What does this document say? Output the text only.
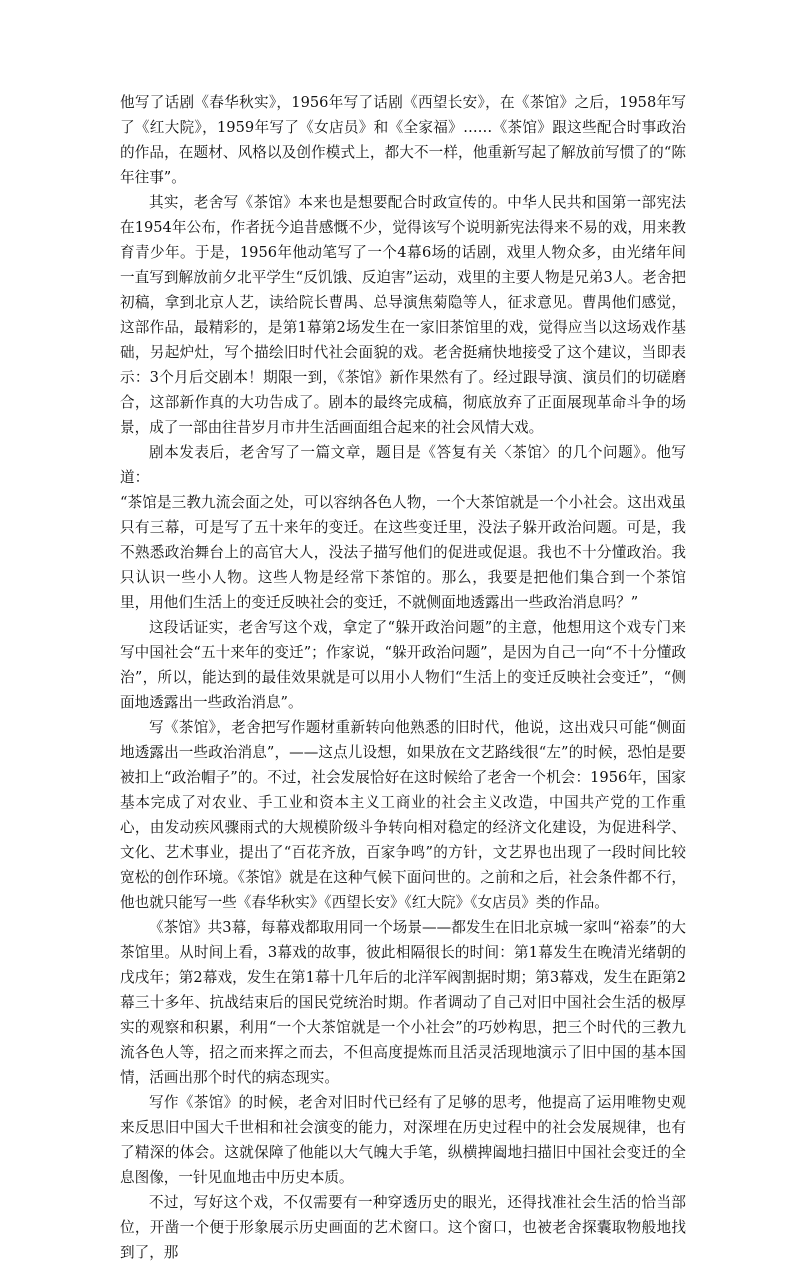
他写了话剧《春华秋实》，1956年写了话剧《西望长安》，在《茶馆》之后，1958年写了《红大院》，1959年写了《女店员》和《全家福》……《茶馆》跟这些配合时事政治的作品，在题材、风格以及创作模式上，都大不一样，他重新写起了解放前写惯了的“陈年往事”。

其实，老舍写《茶馆》本来也是想要配合时政宣传的。中华人民共和国第一部宪法在1954年公布，作者抚今追昔感慨不少，觉得该写个说明新宪法得来不易的戏，用来教育青少年。于是，1956年他动笔写了一个4幕6场的话剧，戏里人物众多，由光绪年间一直写到解放前夕北平学生“反饥饿、反迫害”运动，戏里的主要人物是兄弟3人。老舍把初稿，拿到北京人艺，读给院长曹禺、总导演焦菊隐等人，征求意见。曹禺他们感觉，这部作品，最精彩的，是第1幕第2场发生在一家旧茶馆里的戏，觉得应当以这场戏作基础，另起炉灶，写个描绘旧时代社会面貌的戏。老舍挺痛快地接受了这个建议，当即表示：3个月后交剧本！期限一到，《茶馆》新作果然有了。经过跟导演、演员们的切磋磨合，这部新作真的大功告成了。剧本的最终完成稿，彻底放弃了正面展现革命斗争的场景，成了一部由往昔岁月市井生活画面组合起来的社会风情大戏。

剧本发表后，老舍写了一篇文章，题目是《答复有关〈茶馆〉的几个问题》。他写道：

“茶馆是三教九流会面之处，可以容纳各色人物，一个大茶馆就是一个小社会。这出戏虽只有三幕，可是写了五十来年的变迁。在这些变迁里，没法子躲开政治问题。可是，我不熟悉政治舞台上的高官大人，没法子描写他们的促进或促退。我也不十分懂政治。我只认识一些小人物。这些人物是经常下茶馆的。那么，我要是把他们集合到一个茶馆里，用他们生活上的变迁反映社会的变迁，不就侧面地透露出一些政治消息吗？”

这段话证实，老舍写这个戏，拿定了“躲开政治问题”的主意，他想用这个戏专门来写中国社会“五十来年的变迁”；作家说，“躲开政治问题”，是因为自己一向“不十分懂政治”，所以，能达到的最佳效果就是可以用小人物们“生活上的变迁反映社会变迁”，“侧面地透露出一些政治消息”。

写《茶馆》，老舍把写作题材重新转向他熟悉的旧时代，他说，这出戏只可能“侧面地透露出一些政治消息”，——这点儿设想，如果放在文艺路线很“左”的时候，恐怕是要被扣上“政治帽子”的。不过，社会发展恰好在这时候给了老舍一个机会：1956年，国家基本完成了对农业、手工业和资本主义工商业的社会主义改造，中国共产党的工作重心，由发动疾风骤雨式的大规模阶级斗争转向相对稳定的经济文化建设，为促进科学、文化、艺术事业，提出了“百花齐放，百家争鸣”的方针，文艺界也出现了一段时间比较宽松的创作环境。《茶馆》就是在这种气候下面问世的。之前和之后，社会条件都不行，他也就只能写一些《春华秋实》《西望长安》《红大院》《女店员》类的作品。

《茶馆》共3幕，每幕戏都取用同一个场景——都发生在旧北京城一家叫“裕泰”的大茶馆里。从时间上看，3幕戏的故事，彼此相隔很长的时间：第1幕发生在晚清光绪朝的戊戌年；第2幕戏，发生在第1幕十几年后的北洋军阀割据时期；第3幕戏，发生在距第2幕三十多年、抗战结束后的国民党统治时期。作者调动了自己对旧中国社会生活的极厚实的观察和积累，利用“一个大茶馆就是一个小社会”的巧妙构思，把三个时代的三教九流各色人等，招之而来挥之而去，不但高度提炼而且活灵活现地演示了旧中国的基本国情，活画出那个时代的病态现实。

写作《茶馆》的时候，老舍对旧时代已经有了足够的思考，他提高了运用唯物史观来反思旧中国大千世相和社会演变的能力，对深埋在历史过程中的社会发展规律，也有了精深的体会。这就保障了他能以大气魄大手笔，纵横捭阖地扫描旧中国社会变迁的全息图像，一针见血地击中历史本质。

不过，写好这个戏，不仅需要有一种穿透历史的眼光，还得找准社会生活的恰当部位，开凿一个便于形象展示历史画面的艺术窗口。这个窗口，也被老舍探囊取物般地找到了，那
